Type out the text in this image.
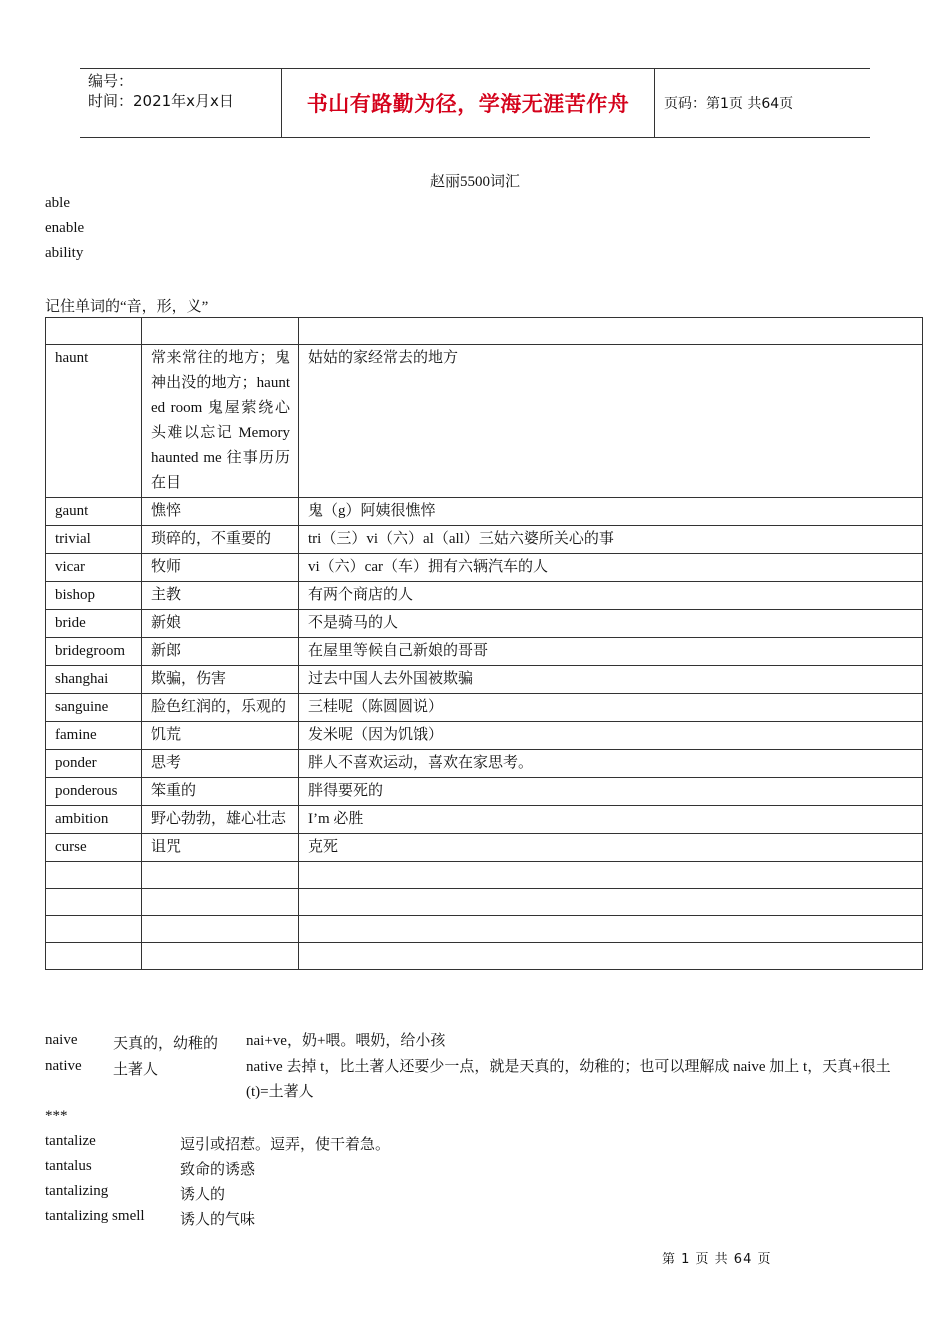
编号：
时间：2021年x月x日	书山有路勤为径，学海无涯苦作舟	页码：第1页 共64页
赵丽5500词汇
able
enable
ability
记住单词的“音，形，义”

haunt	常来常往的地方；鬼神出没的地方；haunted room 鬼屋萦绕心头难以忘记 Memory haunted me 往事历历在目	姑姑的家经常去的地方
gaunt	憔悴	鬼（g）阿姨很憔悴
trivial	琐碎的，不重要的	tri（三）vi（六）al（all）三姑六婆所关心的事
vicar	牧师	vi（六）car（车）拥有六辆汽车的人
bishop	主教	有两个商店的人
bride	新娘	不是骑马的人
bridegroom	新郎	在屋里等候自己新娘的哥哥
shanghai	欺骗，伤害	过去中国人去外国被欺骗
sanguine	脸色红润的，乐观的	三桂呢（陈圆圆说）
famine	饥荒	发米呢（因为饥饿）
ponder	思考	胖人不喜欢运动，喜欢在家思考。
ponderous	笨重的	胖得要死的
ambition	野心勃勃，雄心壮志	I’m 必胜
curse	诅咒	克死

naive 天真的，幼稚的 nai+ve，奶+喂。喂奶，给小孩
native 土著人	native 去掉 t，比土著人还要少一点，就是天真的，幼稚的；也可以理解成 naive 加上 t，天真+很土(t)=土著人
***
tantalize	逗引或招惹。逗弄，使干着急。
tantalus	致命的诱惑
tantalizing	诱人的
tantalizing smell 诱人的气味
第 1 页 共 64 页
